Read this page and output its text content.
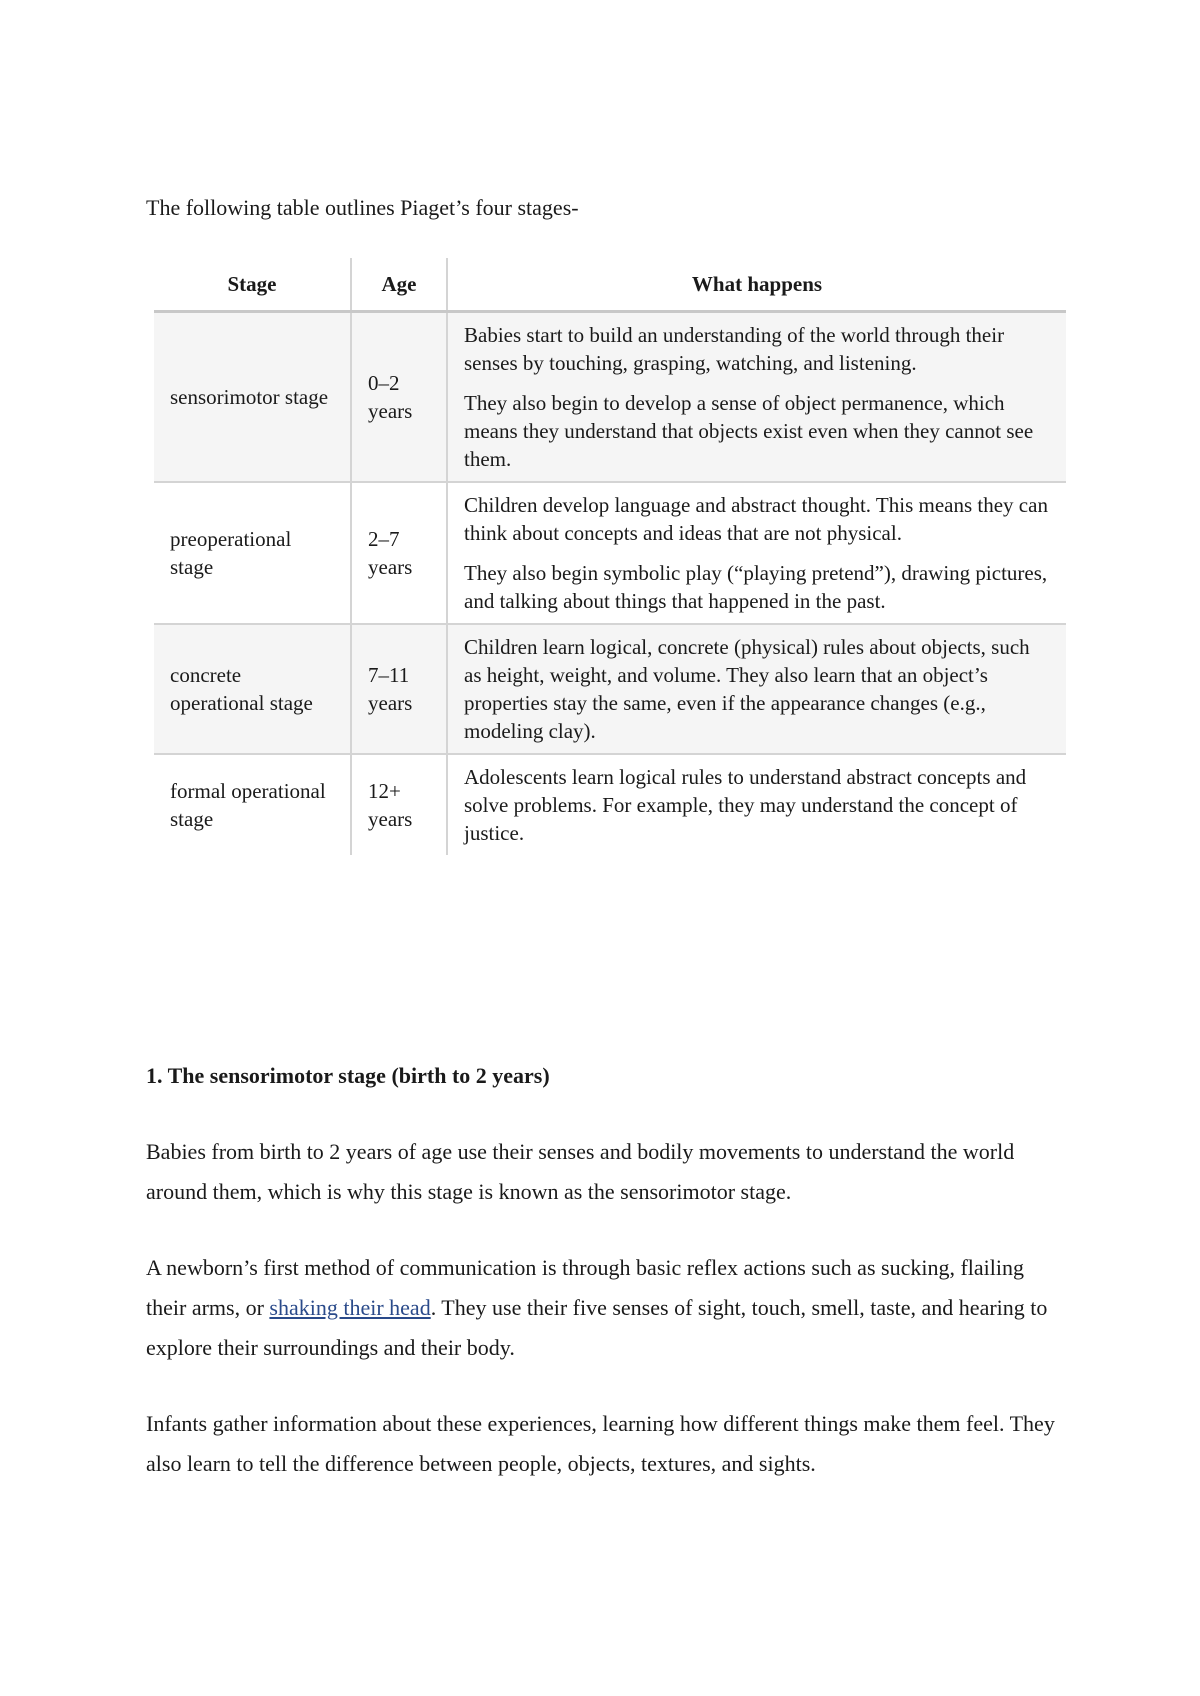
The following table outlines Piaget’s four stages-

Stage	Age	What happens
sensorimotor stage	0–2 years	Babies start to build an understanding of the world through their senses by touching, grasping, watching, and listening.

They also begin to develop a sense of object permanence, which means they understand that objects exist even when they cannot see them.

preoperational stage	2–7 years	Children develop language and abstract thought. This means they can think about concepts and ideas that are not physical.

They also begin symbolic play (“playing pretend”), drawing pictures, and talking about things that happened in the past.

concrete operational stage	7–11 years	Children learn logical, concrete (physical) rules about objects, such as height, weight, and volume. They also learn that an object’s properties stay the same, even if the appearance changes (e.g., modeling clay).

formal operational stage	12+ years	Adolescents learn logical rules to understand abstract concepts and solve problems. For example, they may understand the concept of justice.

1. The sensorimotor stage (birth to 2 years)

Babies from birth to 2 years of age use their senses and bodily movements to understand the world around them, which is why this stage is known as the sensorimotor stage.

A newborn’s first method of communication is through basic reflex actions such as sucking, flailing their arms, or shaking their head. They use their five senses of sight, touch, smell, taste, and hearing to explore their surroundings and their body.

Infants gather information about these experiences, learning how different things make them feel. They also learn to tell the difference between people, objects, textures, and sights.
